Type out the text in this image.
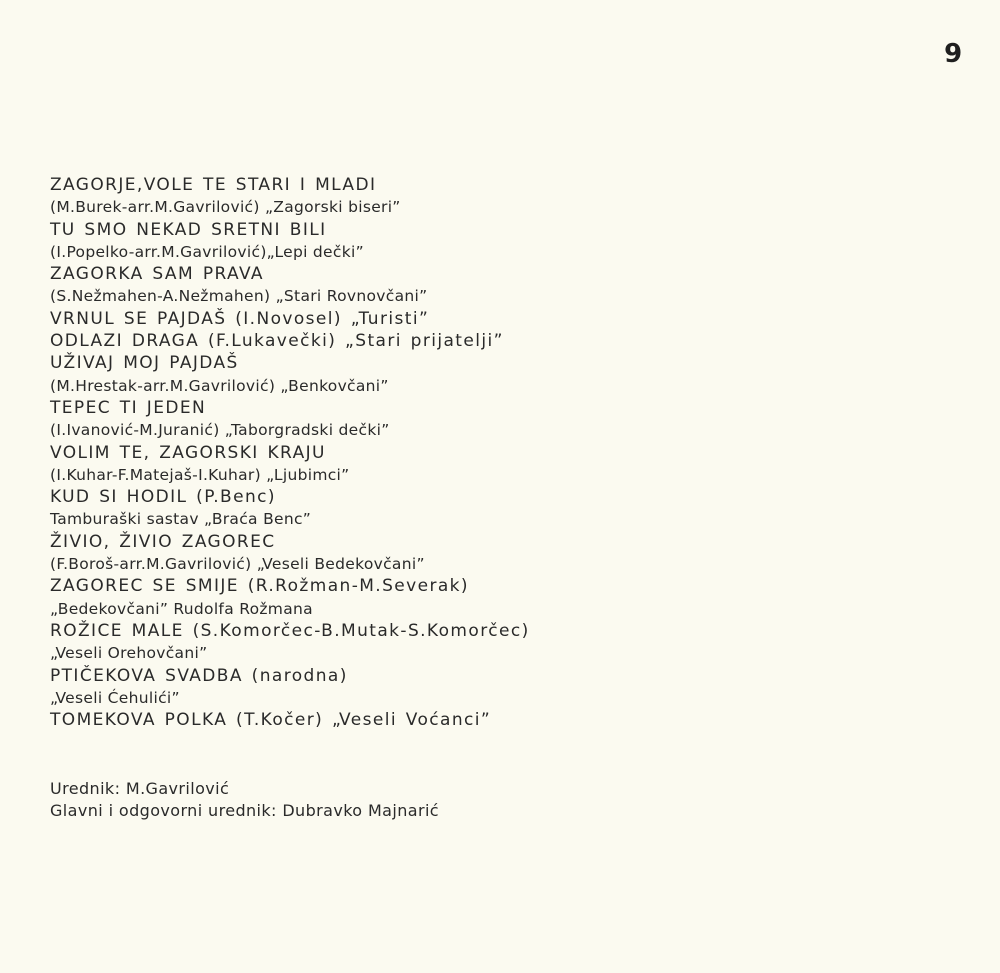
6
ZAGORJE,VOLE TE STARI I MLADI
(M.Burek-arr.M.Gavrilović) „Zagorski biseri”
TU SMO NEKAD SRETNI BILI
(I.Popelko-arr.M.Gavrilović)„Lepi dečki”
ZAGORKA SAM PRAVA
(S.Nežmahen-A.Nežmahen) „Stari Rovnovčani”
VRNUL SE PAJDAŠ (I.Novosel) „Turisti”
ODLAZI DRAGA (F.Lukavečki) „Stari prijatelji”
UŽIVAJ MOJ PAJDAŠ
(M.Hrestak-arr.M.Gavrilović) „Benkovčani”
TEPEC TI JEDEN
(I.Ivanović-M.Juranić) „Taborgradski dečki”
VOLIM TE, ZAGORSKI KRAJU
(I.Kuhar-F.Matejaš-I.Kuhar) „Ljubimci”
KUD SI HODIL (P.Benc)
Tamburaški sastav „Braća Benc”
ŽIVIO, ŽIVIO ZAGOREC
(F.Boroš-arr.M.Gavrilović) „Veseli Bedekovčani”
ZAGOREC SE SMIJE (R.Rožman-M.Severak)
„Bedekovčani” Rudolfa Rožmana
ROŽICE MALE (S.Komorčec-B.Mutak-S.Komorčec)
„Veseli Orehovčani”
PTIČEKOVA SVADBA (narodna)
„Veseli Ćehulići”
TOMEKOVA POLKA (T.Kočer) „Veseli Voćanci”
Urednik: M.Gavrilović
Glavni i odgovorni urednik: Dubravko Majnarić
